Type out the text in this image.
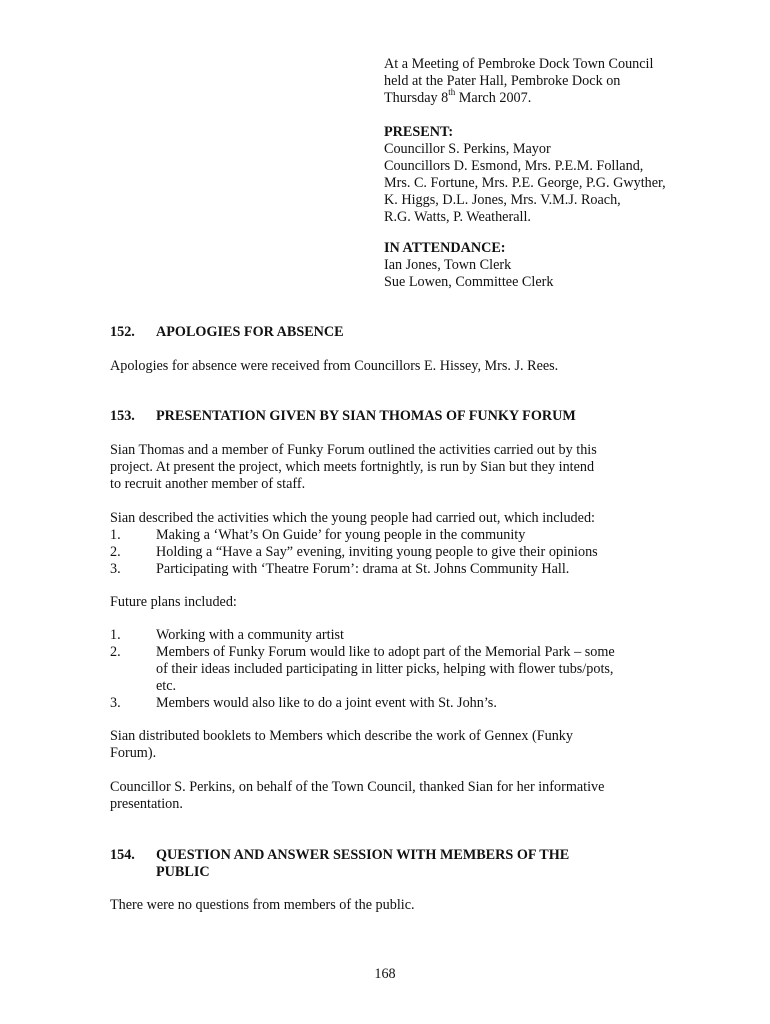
At a Meeting of Pembroke Dock Town Council
held at the Pater Hall, Pembroke Dock on
Thursday 8th March 2007.
PRESENT:
Councillor S. Perkins, Mayor
Councillors D. Esmond, Mrs. P.E.M. Folland,
Mrs. C. Fortune, Mrs. P.E. George, P.G. Gwyther,
K. Higgs, D.L. Jones, Mrs. V.M.J. Roach,
R.G. Watts, P. Weatherall.
IN ATTENDANCE:
Ian Jones, Town Clerk
Sue Lowen, Committee Clerk
152. APOLOGIES FOR ABSENCE
Apologies for absence were received from Councillors E. Hissey, Mrs. J. Rees.
153. PRESENTATION GIVEN BY SIAN THOMAS OF FUNKY FORUM
Sian Thomas and a member of Funky Forum outlined the activities carried out by this
project. At present the project, which meets fortnightly, is run by Sian but they intend
to recruit another member of staff.
Sian described the activities which the young people had carried out, which included:
1. Making a ‘What’s On Guide’ for young people in the community
2. Holding a “Have a Say” evening, inviting young people to give their opinions
3. Participating with ‘Theatre Forum’: drama at St. Johns Community Hall.
Future plans included:
1. Working with a community artist
2. Members of Funky Forum would like to adopt part of the Memorial Park – some
of their ideas included participating in litter picks, helping with flower tubs/pots,
etc.
3. Members would also like to do a joint event with St. John’s.
Sian distributed booklets to Members which describe the work of Gennex (Funky
Forum).
Councillor S. Perkins, on behalf of the Town Council, thanked Sian for her informative
presentation.
154. QUESTION AND ANSWER SESSION WITH MEMBERS OF THE
PUBLIC
There were no questions from members of the public.
168
